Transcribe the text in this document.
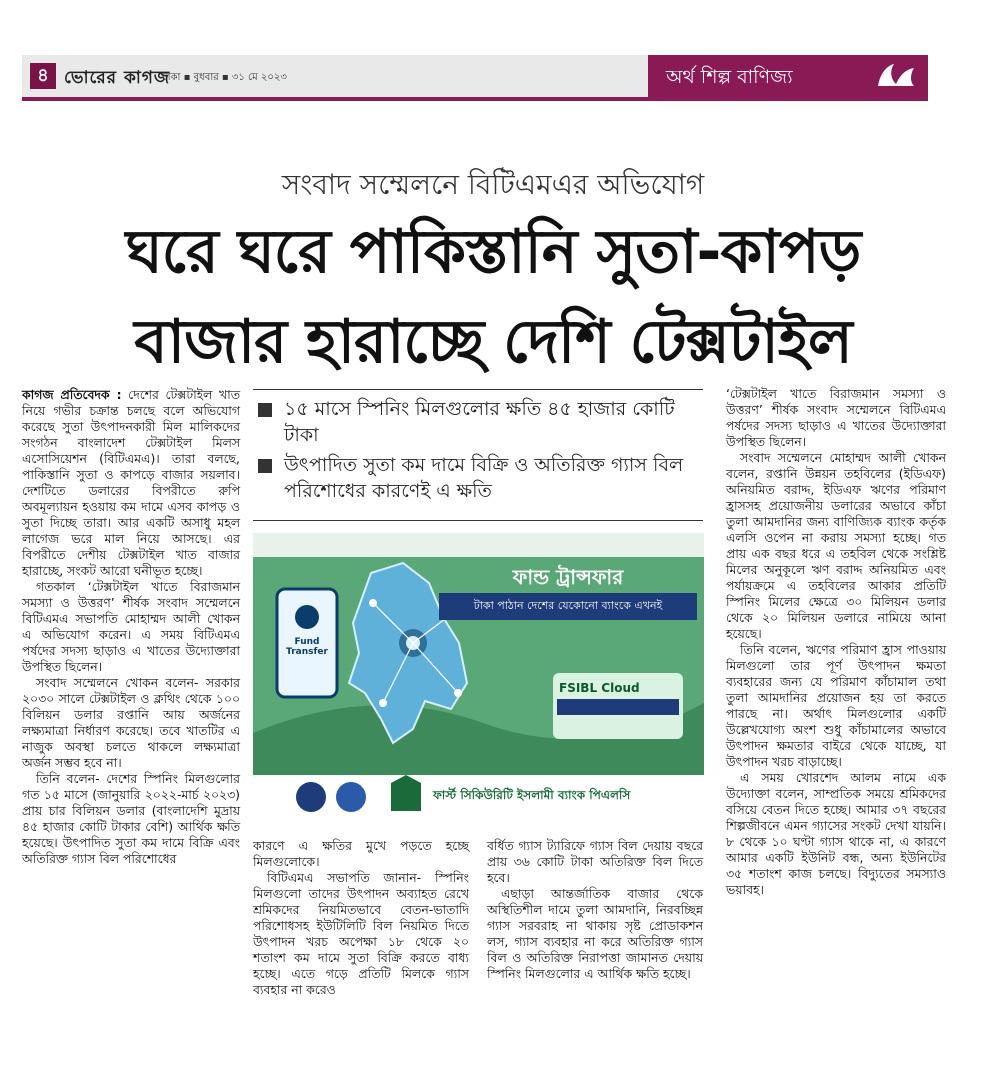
৪ ভোরের কাগজ
ঢাকা ▪ বুধবার ▪ ৩১ মে ২০২৩	অর্থ শিল্প বাণিজ্য
সংবাদ সম্মেলনে বিটিএমএর অভিযোগ
ঘরে ঘরে পাকিস্তানি সুতা-কাপড়
বাজার হারাচ্ছে দেশি টেক্সটাইল

কাগজ প্রতিবেদক : দেশের টেক্সটাইল খাত নিয়ে গভীর চক্রান্ত চলছে বলে অভিযোগ করেছে সুতা উৎপাদনকারী মিল মালিকদের সংগঠন বাংলাদেশ টেক্সটাইল মিলস এসোসিয়েশন (বিটিএমএ)। তারা বলছে, পাকিস্তানি সুতা ও কাপড়ে বাজার সয়লাব। দেশটিতে ডলারের বিপরীতে রুপি অবমূল্যায়ন হওয়ায় কম দামে এসব কাপড় ও সুতা দিচ্ছে তারা। আর একটি অসাধু মহল লাগেজ ভরে মাল নিয়ে আসছে। এর বিপরীতে দেশীয় টেক্সটাইল খাত বাজার হারাচ্ছে, সংকট আরো ঘনীভূত হচ্ছে।

গতকাল ‘টেক্সটাইল খাতে বিরাজমান সমস্যা ও উত্তরণ’ শীর্ষক সংবাদ সম্মেলনে বিটিএমএ সভাপতি মোহাম্মদ আলী খোকন এ অভিযোগ করেন। এ সময় বিটিএমএ পর্ষদের সদস্য ছাড়াও এ খাতের উদ্যোক্তারা উপস্থিত ছিলেন।

সংবাদ সম্মেলনে খোকন বলেন- সরকার ২০৩০ সালে টেক্সটাইল ও ক্লথিং থেকে ১০০ বিলিয়ন ডলার রপ্তানি আয় অর্জনের লক্ষ্যমাত্রা নির্ধারণ করেছে। তবে খাতটির এ নাজুক অবস্থা চলতে থাকলে লক্ষ্যমাত্রা অর্জন সম্ভব হবে না।

তিনি বলেন- দেশের স্পিনিং মিলগুলোর গত ১৫ মাসে (জানুয়ারি ২০২২-মার্চ ২০২৩) প্রায় চার বিলিয়ন ডলার (বাংলাদেশি মুদ্রায় ৪৫ হাজার কোটি টাকার বেশি) আর্থিক ক্ষতি হয়েছে। উৎপাদিত সুতা কম দামে বিক্রি এবং অতিরিক্ত গ্যাস বিল পরিশোধের

১৫ মাসে স্পিনিং মিলগুলোর ক্ষতি ৪৫ হাজার কোটি টাকা
উৎপাদিত সুতা কম দামে বিক্রি ও অতিরিক্ত গ্যাস বিল পরিশোধের কারণেই এ ক্ষতি
ফান্ড ট্রান্সফার
টাকা পাঠান দেশের যেকোনো ব্যাংকে এখনই
Fund Transfer
FSIBL Cloud
ফার্স্ট সিকিউরিটি ইসলামী ব্যাংক পিএলসি

কারণে এ ক্ষতির মুখে পড়তে হচ্ছে মিলগুলোকে।

বিটিএমএ সভাপতি জানান- স্পিনিং মিলগুলো তাদের উৎপাদন অব্যাহত রেখে শ্রমিকদের নিয়মিতভাবে বেতন-ভাতাদি পরিশোধসহ ইউটিলিটি বিল নিয়মিত দিতে উৎপাদন খরচ অপেক্ষা ১৮ থেকে ২০ শতাংশ কম দামে সুতা বিক্রি করতে বাধ্য হচ্ছে। এতে গড়ে প্রতিটি মিলকে গ্যাস ব্যবহার না করেও

বর্ধিত গ্যাস ট্যারিফে গ্যাস বিল দেয়ায় বছরে প্রায় ৩৬ কোটি টাকা অতিরিক্ত বিল দিতে হবে।

এছাড়া আন্তর্জাতিক বাজার থেকে অস্থিতিশীল দামে তুলা আমদানি, নিরবচ্ছিন্ন গ্যাস সরবরাহ না থাকায় সৃষ্ট প্রোডাকশন লস, গ্যাস ব্যবহার না করে অতিরিক্ত গ্যাস বিল ও অতিরিক্ত নিরাপত্তা জামানত দেয়ায় স্পিনিং মিলগুলোর এ আর্থিক ক্ষতি হচ্ছে।

‘টেক্সটাইল খাতে বিরাজমান সমস্যা ও উত্তরণ’ শীর্ষক সংবাদ সম্মেলনে বিটিএমএ পর্ষদের সদস্য ছাড়াও এ খাতের উদ্যোক্তারা উপস্থিত ছিলেন।

সংবাদ সম্মেলনে মোহাম্মদ আলী খোকন বলেন, রপ্তানি উন্নয়ন তহবিলের (ইডিএফ) অনিয়মিত বরাদ্দ, ইডিএফ ঋণের পরিমাণ হ্রাসসহ প্রয়োজনীয় ডলারের অভাবে কাঁচা তুলা আমদানির জন্য বাণিজ্যিক ব্যাংক কর্তৃক এলসি ওপেন না করায় সমস্যা হচ্ছে। গত প্রায় এক বছর ধরে এ তহবিল থেকে সংশ্লিষ্ট মিলের অনুকূলে ঋণ বরাদ্দ অনিয়মিত এবং পর্যায়ক্রমে এ তহবিলের আকার প্রতিটি স্পিনিং মিলের ক্ষেত্রে ৩০ মিলিয়ন ডলার থেকে ২০ মিলিয়ন ডলারে নামিয়ে আনা হয়েছে।

তিনি বলেন, ঋণের পরিমাণ হ্রাস পাওয়ায় মিলগুলো তার পূর্ণ উৎপাদন ক্ষমতা ব্যবহারের জন্য যে পরিমাণ কাঁচামাল তথা তুলা আমদানির প্রয়োজন হয় তা করতে পারছে না। অর্থাৎ মিলগুলোর একটি উল্লেখযোগ্য অংশ শুধু কাঁচামালের অভাবে উৎপাদন ক্ষমতার বাইরে থেকে যাচ্ছে, যা উৎপাদন খরচ বাড়াচ্ছে।

এ সময় খোরশেদ আলম নামে এক উদ্যোক্তা বলেন, সাম্প্রতিক সময়ে শ্রমিকদের বসিয়ে বেতন দিতে হচ্ছে। আমার ৩৭ বছরের শিল্পজীবনে এমন গ্যাসের সংকট দেখা যায়নি। ৮ থেকে ১০ ঘণ্টা গ্যাস থাকে না, এ কারণে আমার একটি ইউনিট বন্ধ, অন্য ইউনিটের ৩৫ শতাংশ কাজ চলছে। বিদ্যুতের সমস্যাও ভয়াবহ।
